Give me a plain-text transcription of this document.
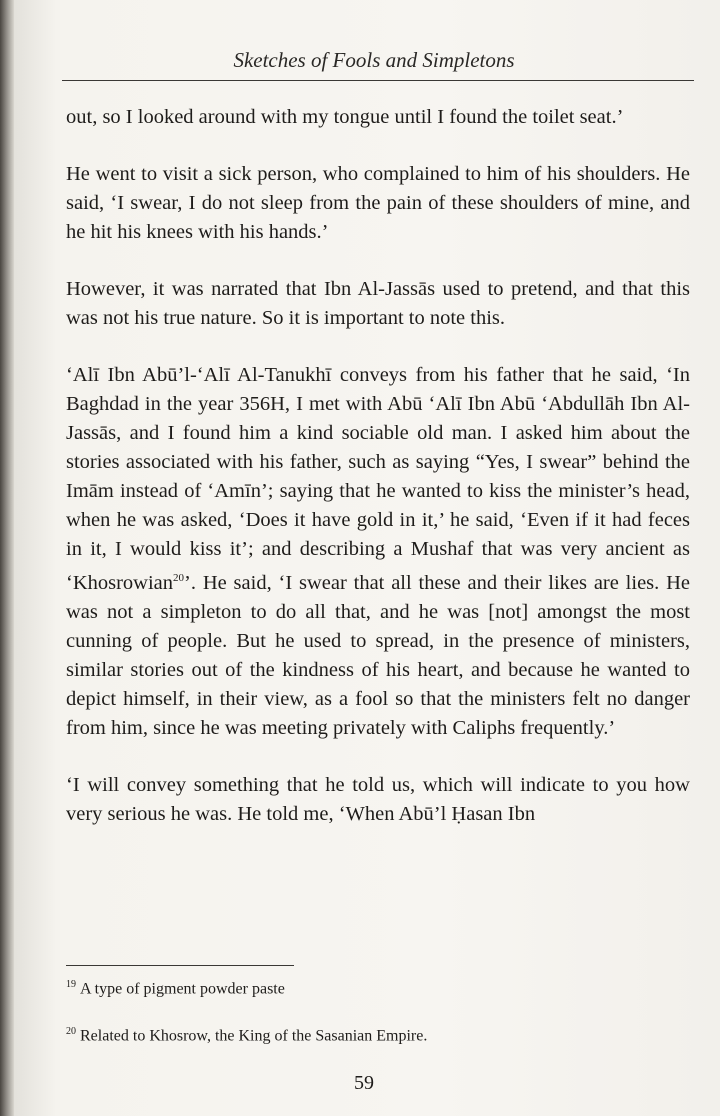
Sketches of Fools and Simpletons

out, so I looked around with my tongue until I found the toilet seat.’

He went to visit a sick person, who complained to him of his shoulders. He said, ‘I swear, I do not sleep from the pain of these shoulders of mine, and he hit his knees with his hands.’

However, it was narrated that Ibn Al-Jassās used to pretend, and that this was not his true nature. So it is important to note this.

‘Alī Ibn Abū’l-‘Alī Al-Tanukhī conveys from his father that he said, ‘In Baghdad in the year 356H, I met with Abū ‘Alī Ibn Abū ‘Abdullāh Ibn Al-Jassās, and I found him a kind sociable old man. I asked him about the stories associated with his father, such as saying “Yes, I swear” behind the Imām instead of ‘Amīn’; saying that he wanted to kiss the minister’s head, when he was asked, ‘Does it have gold in it,’ he said, ‘Even if it had feces in it, I would kiss it’; and describing a Mushaf that was very ancient as ‘Khosrowian$^{20}$’. He said, ‘I swear that all these and their likes are lies. He was not a simpleton to do all that, and he was [not] amongst the most cunning of people. But he used to spread, in the presence of ministers, similar stories out of the kindness of his heart, and because he wanted to depict himself, in their view, as a fool so that the ministers felt no danger from him, since he was meeting privately with Caliphs frequently.’

‘I will convey something that he told us, which will indicate to you how very serious he was. He told me, ‘When Abū’l Ḥasan Ibn

$^{19}$ A type of pigment powder paste
$^{20}$ Related to Khosrow, the King of the Sasanian Empire.
59
